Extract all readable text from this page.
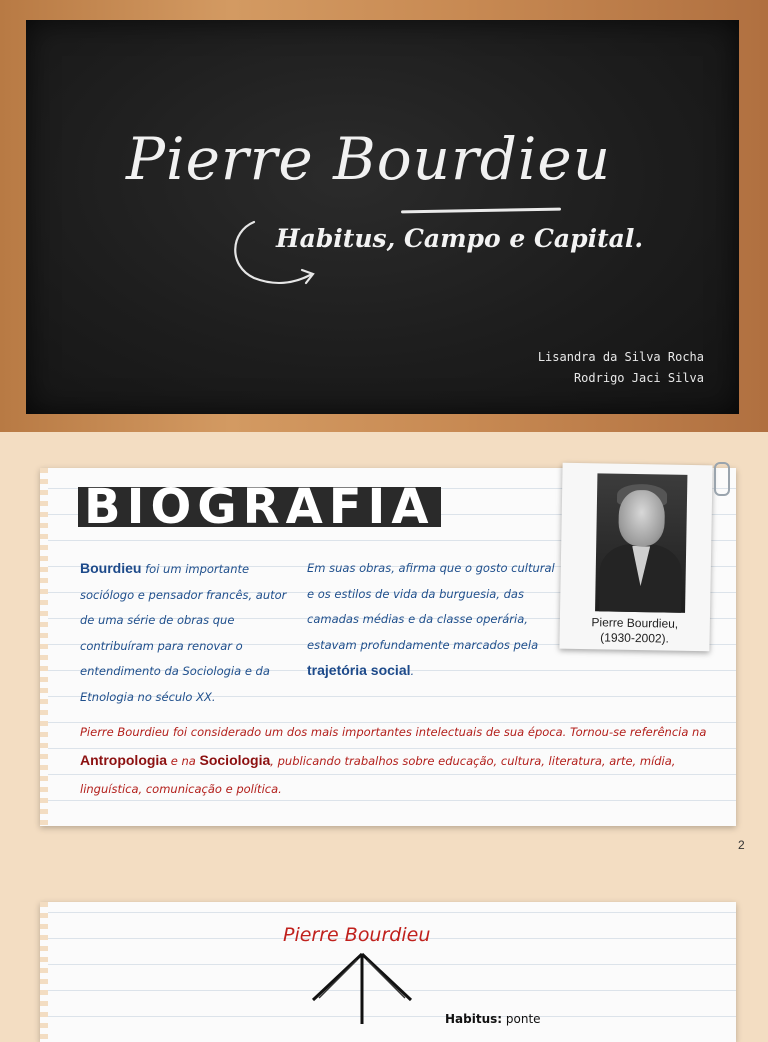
Pierre Bourdieu
Habitus, Campo e Capital.
Lisandra da Silva Rocha
Rodrigo Jaci Silva
BIOGRAFIA
Bourdieu foi um importante sociólogo e pensador francês, autor de uma série de obras que contribuíram para renovar o entendimento da Sociologia e da Etnologia no século XX.
Em suas obras, afirma que o gosto cultural e os estilos de vida da burguesia, das camadas médias e da classe operária, estavam profundamente marcados pela trajetória social.
Pierre Bourdieu foi considerado um dos mais importantes intelectuais de sua época. Tornou-se referência na Antropologia e na Sociologia, publicando trabalhos sobre educação, cultura, literatura, arte, mídia, linguística, comunicação e política.
Pierre Bourdieu,
(1930-2002).
2
Pierre Bourdieu
Habitus: ponte
